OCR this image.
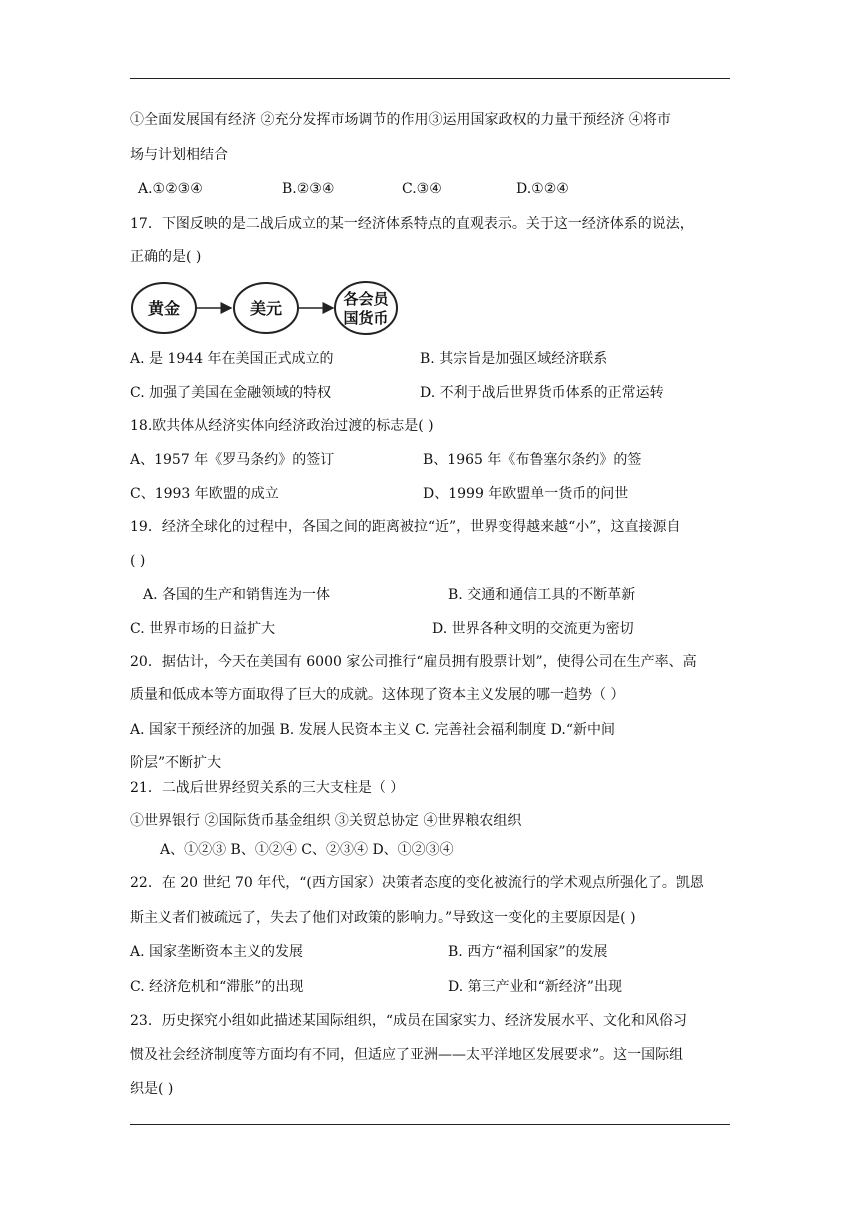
①全面发展国有经济 ②充分发挥市场调节的作用③运用国家政权的力量干预经济 ④将市
场与计划相结合
A.①②③④	B.②③④	C.③④	D.①②④
17．下图反映的是二战后成立的某一经济体系特点的直观表示。关于这一经济体系的说法，
正确的是( )
黄金	美元	各会员
国货币
A. 是 1944 年在美国正式成立的	B. 其宗旨是加强区域经济联系
C. 加强了美国在金融领域的特权	D. 不利于战后世界货币体系的正常运转
18.欧共体从经济实体向经济政治过渡的标志是( )
A、1957 年《罗马条约》的签订	B、1965 年《布鲁塞尔条约》的签
C、1993 年欧盟的成立	D、1999 年欧盟单一货币的问世
19．经济全球化的过程中，各国之间的距离被拉“近”，世界变得越来越“小”，这直接源自
( )
A. 各国的生产和销售连为一体	B. 交通和通信工具的不断革新
C. 世界市场的日益扩大	D. 世界各种文明的交流更为密切
20．据估计，今天在美国有 6000 家公司推行“雇员拥有股票计划”，使得公司在生产率、高
质量和低成本等方面取得了巨大的成就。这体现了资本主义发展的哪一趋势（ ）
A. 国家干预经济的加强 B. 发展人民资本主义 C. 完善社会福利制度 D.“新中间
阶层”不断扩大
21．二战后世界经贸关系的三大支柱是（ ）
①世界银行 ②国际货币基金组织 ③关贸总协定 ④世界粮农组织
A、①②③ B、①②④ C、②③④ D、①②③④
22．在 20 世纪 70 年代，“(西方国家）决策者态度的变化被流行的学术观点所强化了。凯恩
斯主义者们被疏远了，失去了他们对政策的影响力。”导致这一变化的主要原因是( )
A. 国家垄断资本主义的发展	B. 西方“福利国家”的发展
C. 经济危机和“滞胀”的出现	D. 第三产业和“新经济”出现
23．历史探究小组如此描述某国际组织，“成员在国家实力、经济发展水平、文化和风俗习
惯及社会经济制度等方面均有不同，但适应了亚洲——太平洋地区发展要求”。这一国际组
织是( )
